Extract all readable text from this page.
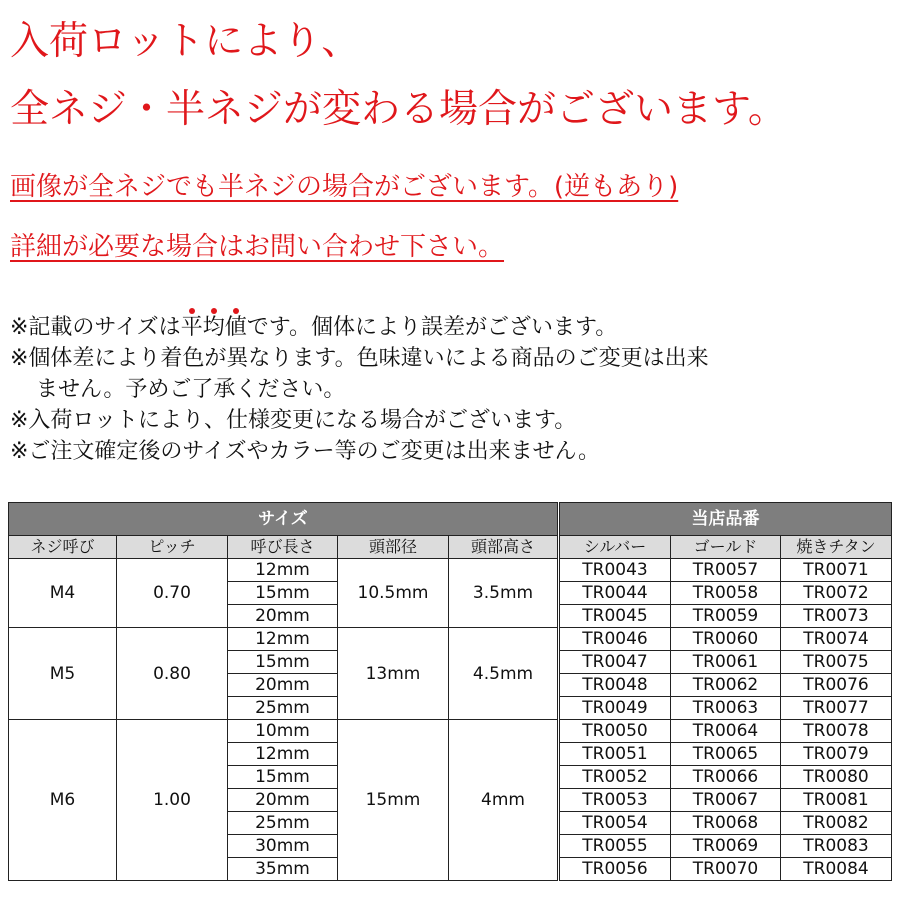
入荷ロットにより、
全ネジ・半ネジが変わる場合がございます。
画像が全ネジでも半ネジの場合がございます。(逆もあり)
詳細が必要な場合はお問い合わせ下さい。
※記載のサイズは平均値です。個体により誤差がございます。
※個体差により着色が異なります。色味違いによる商品のご変更は出来
ません。予めご了承ください。
※入荷ロットにより、仕様変更になる場合がございます。
※ご注文確定後のサイズやカラー等のご変更は出来ません。
サイズ					当店品番		
ネジ呼び	ピッチ	呼び長さ	頭部径	頭部高さ	シルバー	ゴールド	焼きチタン
M4	0.70	12mm	10.5mm	3.5mm	TR0043	TR0057	TR0071
		15mm			TR0044	TR0058	TR0072
		20mm			TR0045	TR0059	TR0073
M5	0.80	12mm	13mm	4.5mm	TR0046	TR0060	TR0074
		15mm			TR0047	TR0061	TR0075
		20mm			TR0048	TR0062	TR0076
		25mm			TR0049	TR0063	TR0077
M6	1.00	10mm	15mm	4mm	TR0050	TR0064	TR0078
		12mm			TR0051	TR0065	TR0079
		15mm			TR0052	TR0066	TR0080
		20mm			TR0053	TR0067	TR0081
		25mm			TR0054	TR0068	TR0082
		30mm			TR0055	TR0069	TR0083
		35mm			TR0056	TR0070	TR0084
